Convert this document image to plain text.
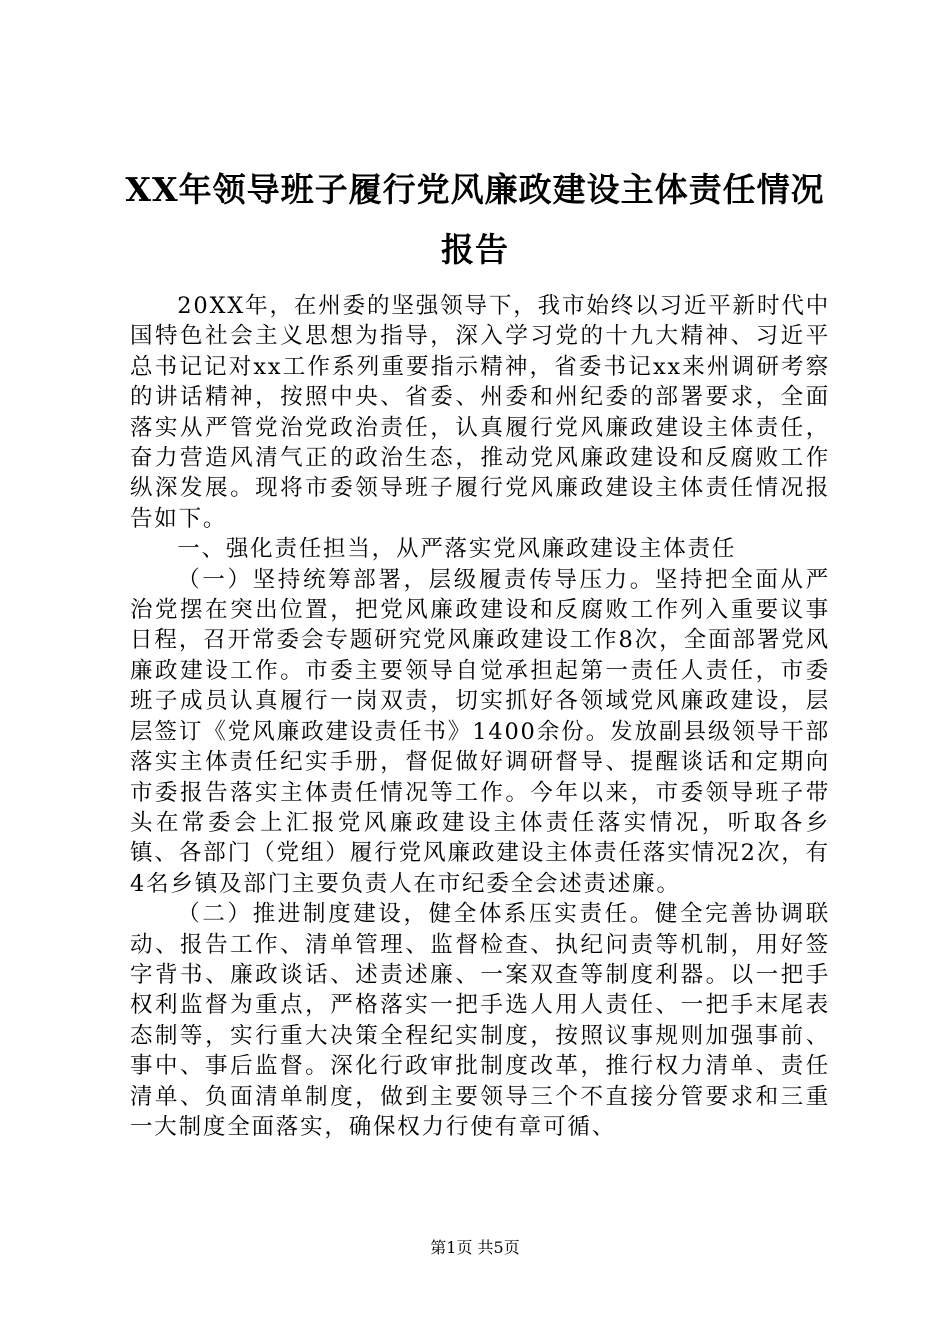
XX年领导班子履行党风廉政建设主体责任情况报告

20XX年，在州委的坚强领导下，我市始终以习近平新时代中国特色社会主义思想为指导，深入学习党的十九大精神、习近平总书记记对xx工作系列重要指示精神，省委书记xx来州调研考察的讲话精神，按照中央、省委、州委和州纪委的部署要求，全面落实从严管党治党政治责任，认真履行党风廉政建设主体责任，奋力营造风清气正的政治生态，推动党风廉政建设和反腐败工作纵深发展。现将市委领导班子履行党风廉政建设主体责任情况报告如下。

一、强化责任担当，从严落实党风廉政建设主体责任

（一）坚持统筹部署，层级履责传导压力。坚持把全面从严治党摆在突出位置，把党风廉政建设和反腐败工作列入重要议事日程，召开常委会专题研究党风廉政建设工作8次，全面部署党风廉政建设工作。市委主要领导自觉承担起第一责任人责任，市委班子成员认真履行一岗双责，切实抓好各领域党风廉政建设，层层签订《党风廉政建设责任书》1400余份。发放副县级领导干部落实主体责任纪实手册，督促做好调研督导、提醒谈话和定期向市委报告落实主体责任情况等工作。今年以来，市委领导班子带头在常委会上汇报党风廉政建设主体责任落实情况，听取各乡镇、各部门（党组）履行党风廉政建设主体责任落实情况2次，有4名乡镇及部门主要负责人在市纪委全会述责述廉。

（二）推进制度建设，健全体系压实责任。健全完善协调联动、报告工作、清单管理、监督检查、执纪问责等机制，用好签字背书、廉政谈话、述责述廉、一案双查等制度利器。以一把手权利监督为重点，严格落实一把手选人用人责任、一把手末尾表态制等，实行重大决策全程纪实制度，按照议事规则加强事前、事中、事后监督。深化行政审批制度改革，推行权力清单、责任清单、负面清单制度，做到主要领导三个不直接分管要求和三重一大制度全面落实，确保权力行使有章可循、

第1页 共5页
